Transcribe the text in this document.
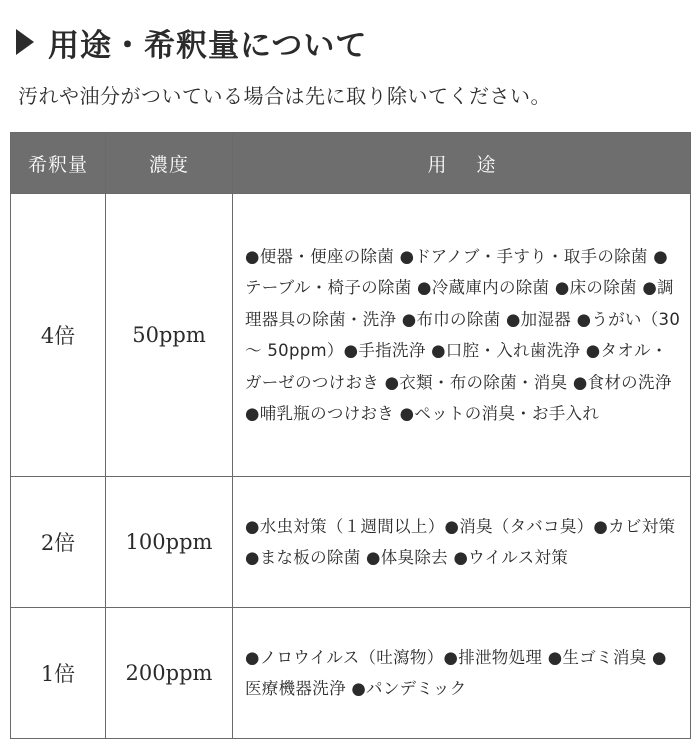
用途・希釈量について
汚れや油分がついている場合は先に取り除いてください。
希釈量	濃度	用途
4倍	50ppm	●便器・便座の除菌 ●ドアノブ・手すり・取手の除菌 ●テーブル・椅子の除菌 ●冷蔵庫内の除菌 ●床の除菌 ●調理器具の除菌・洗浄 ●布巾の除菌 ●加湿器 ●うがい（30 ～ 50ppm）●手指洗浄 ●口腔・入れ歯洗浄 ●タオル・ガーゼのつけおき ●衣類・布の除菌・消臭 ●食材の洗浄 ●哺乳瓶のつけおき ●ペットの消臭・お手入れ
2倍	100ppm	●水虫対策（１週間以上）●消臭（タバコ臭）●カビ対策 ●まな板の除菌 ●体臭除去 ●ウイルス対策
1倍	200ppm	●ノロウイルス（吐瀉物）●排泄物処理 ●生ゴミ消臭 ●医療機器洗浄 ●パンデミック
